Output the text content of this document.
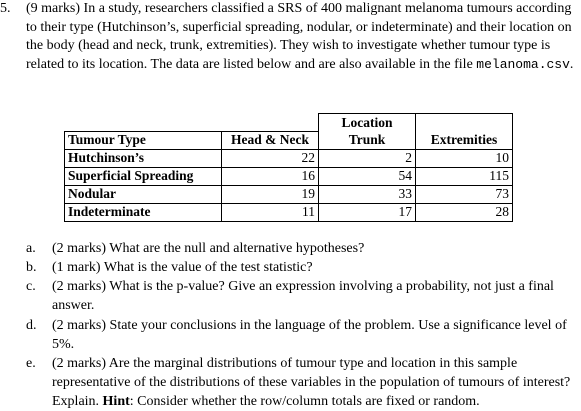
5. (9 marks) In a study, researchers classified a SRS of 400 malignant melanoma tumours according to their type (Hutchinson’s, superficial spreading, nodular, or indeterminate) and their location on the body (head and neck, trunk, extremities). They wish to investigate whether tumour type is related to its location. The data are listed below and are also available in the file melanoma.csv.
		Location	
Tumour Type	Head & Neck	Trunk	Extremities
Hutchinson’s	22	2	10
Superficial Spreading	16	54	115
Nodular	19	33	73
Indeterminate	11	17	28
a.	(2 marks) What are the null and alternative hypotheses?
b.	(1 mark) What is the value of the test statistic?
c.	(2 marks) What is the p-value? Give an expression involving a probability, not just a final answer.
d.	(2 marks) State your conclusions in the language of the problem. Use a significance level of 5%.
e.	(2 marks) Are the marginal distributions of tumour type and location in this sample representative of the distributions of these variables in the population of tumours of interest? Explain. Hint: Consider whether the row/column totals are fixed or random.
